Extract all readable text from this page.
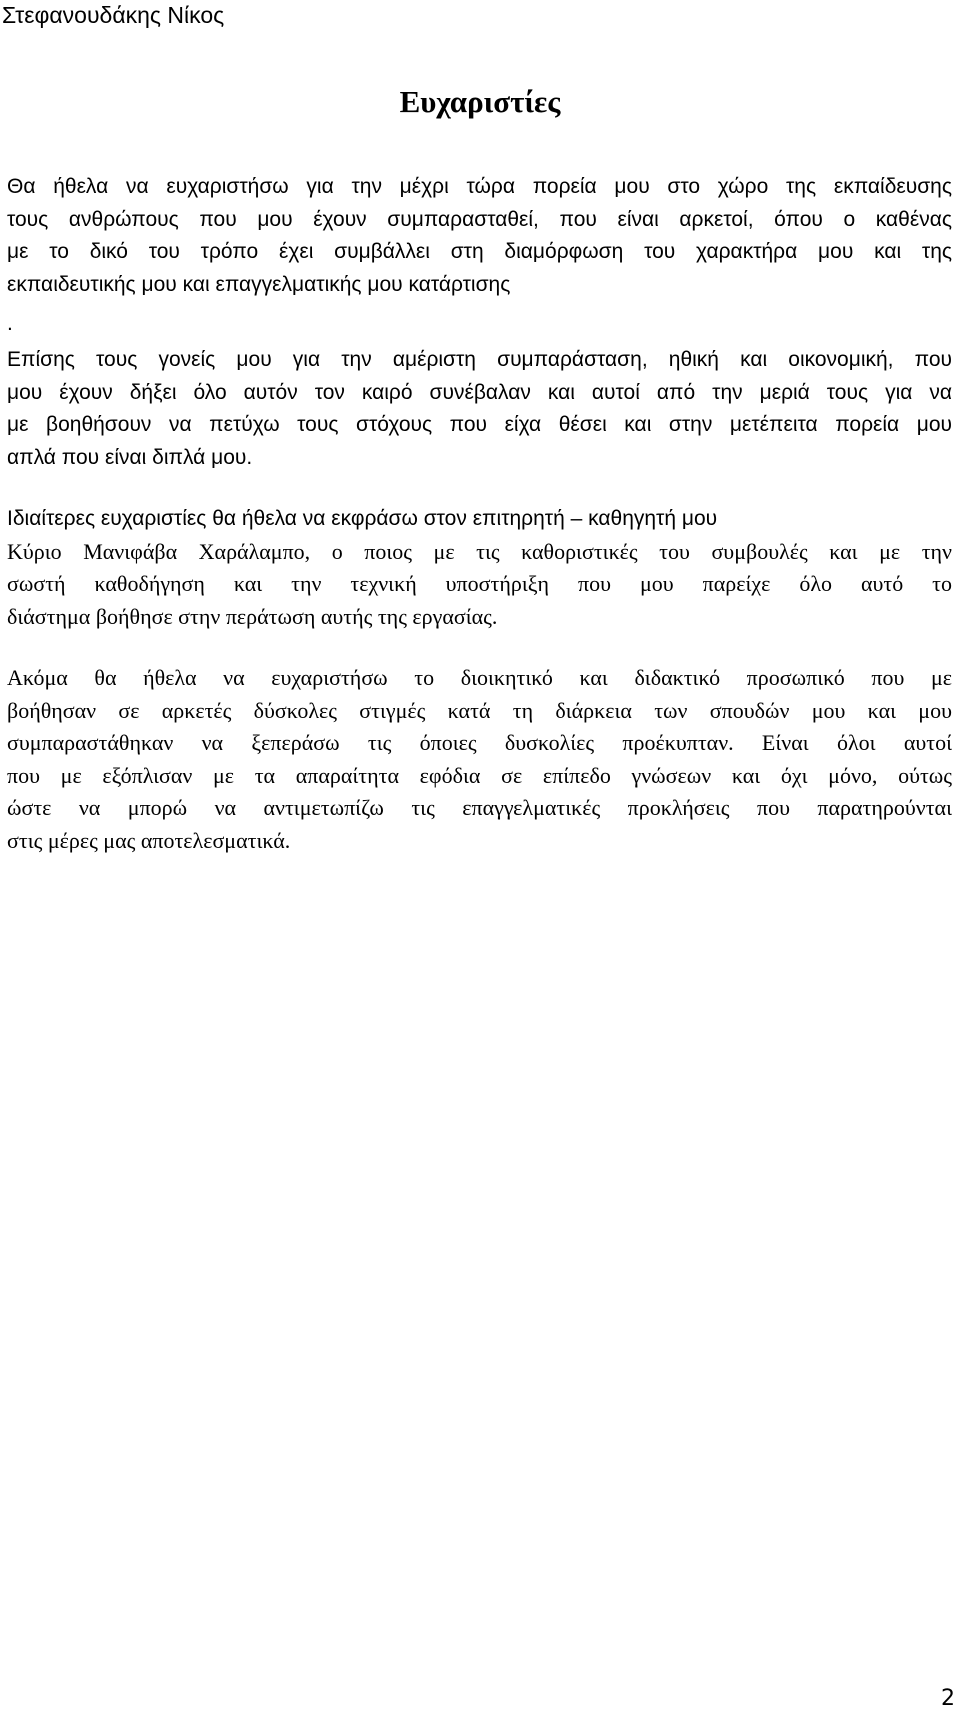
Στεφανουδάκης Νίκος
Ευχαριστίες
Θα ήθελα να ευχαριστήσω για την μέχρι τώρα πορεία μου στο χώρο της εκπαίδευσης
τους ανθρώπους που μου έχουν συμπαρασταθεί, που είναι αρκετοί, όπου ο καθένας
με το δικό του τρόπο έχει συμβάλλει στη διαμόρφωση του χαρακτήρα μου και της
εκπαιδευτικής μου και επαγγελματικής μου κατάρτισης
.
Επίσης τους γονείς μου για την αμέριστη συμπαράσταση, ηθική και οικονομική, που
μου έχουν δήξει όλο αυτόν τον καιρό συνέβαλαν και αυτοί από την μεριά τους για να
με βοηθήσουν να πετύχω τους στόχους που είχα θέσει και στην μετέπειτα πορεία μου
απλά που είναι διπλά μου.
Ιδιαίτερες ευχαριστίες θα ήθελα να εκφράσω στον επιτηρητή – καθηγητή μου
Κύριο Μανιφάβα Χαράλαμπο, ο ποιος με τις καθοριστικές του συμβουλές και με την
σωστή καθοδήγηση και την τεχνική υποστήριξη που μου παρείχε όλο αυτό το
διάστημα βοήθησε στην περάτωση αυτής της εργασίας.
Ακόμα θα ήθελα να ευχαριστήσω το διοικητικό και διδακτικό προσωπικό που με
βοήθησαν σε αρκετές δύσκολες στιγμές κατά τη διάρκεια των σπουδών μου και μου
συμπαραστάθηκαν να ξεπεράσω τις όποιες δυσκολίες προέκυπταν. Είναι όλοι αυτοί
που με εξόπλισαν με τα απαραίτητα εφόδια σε επίπεδο γνώσεων και όχι μόνο, ούτως
ώστε να μπορώ να αντιμετωπίζω τις επαγγελματικές προκλήσεις που παρατηρούνται
στις μέρες μας αποτελεσματικά.
2
